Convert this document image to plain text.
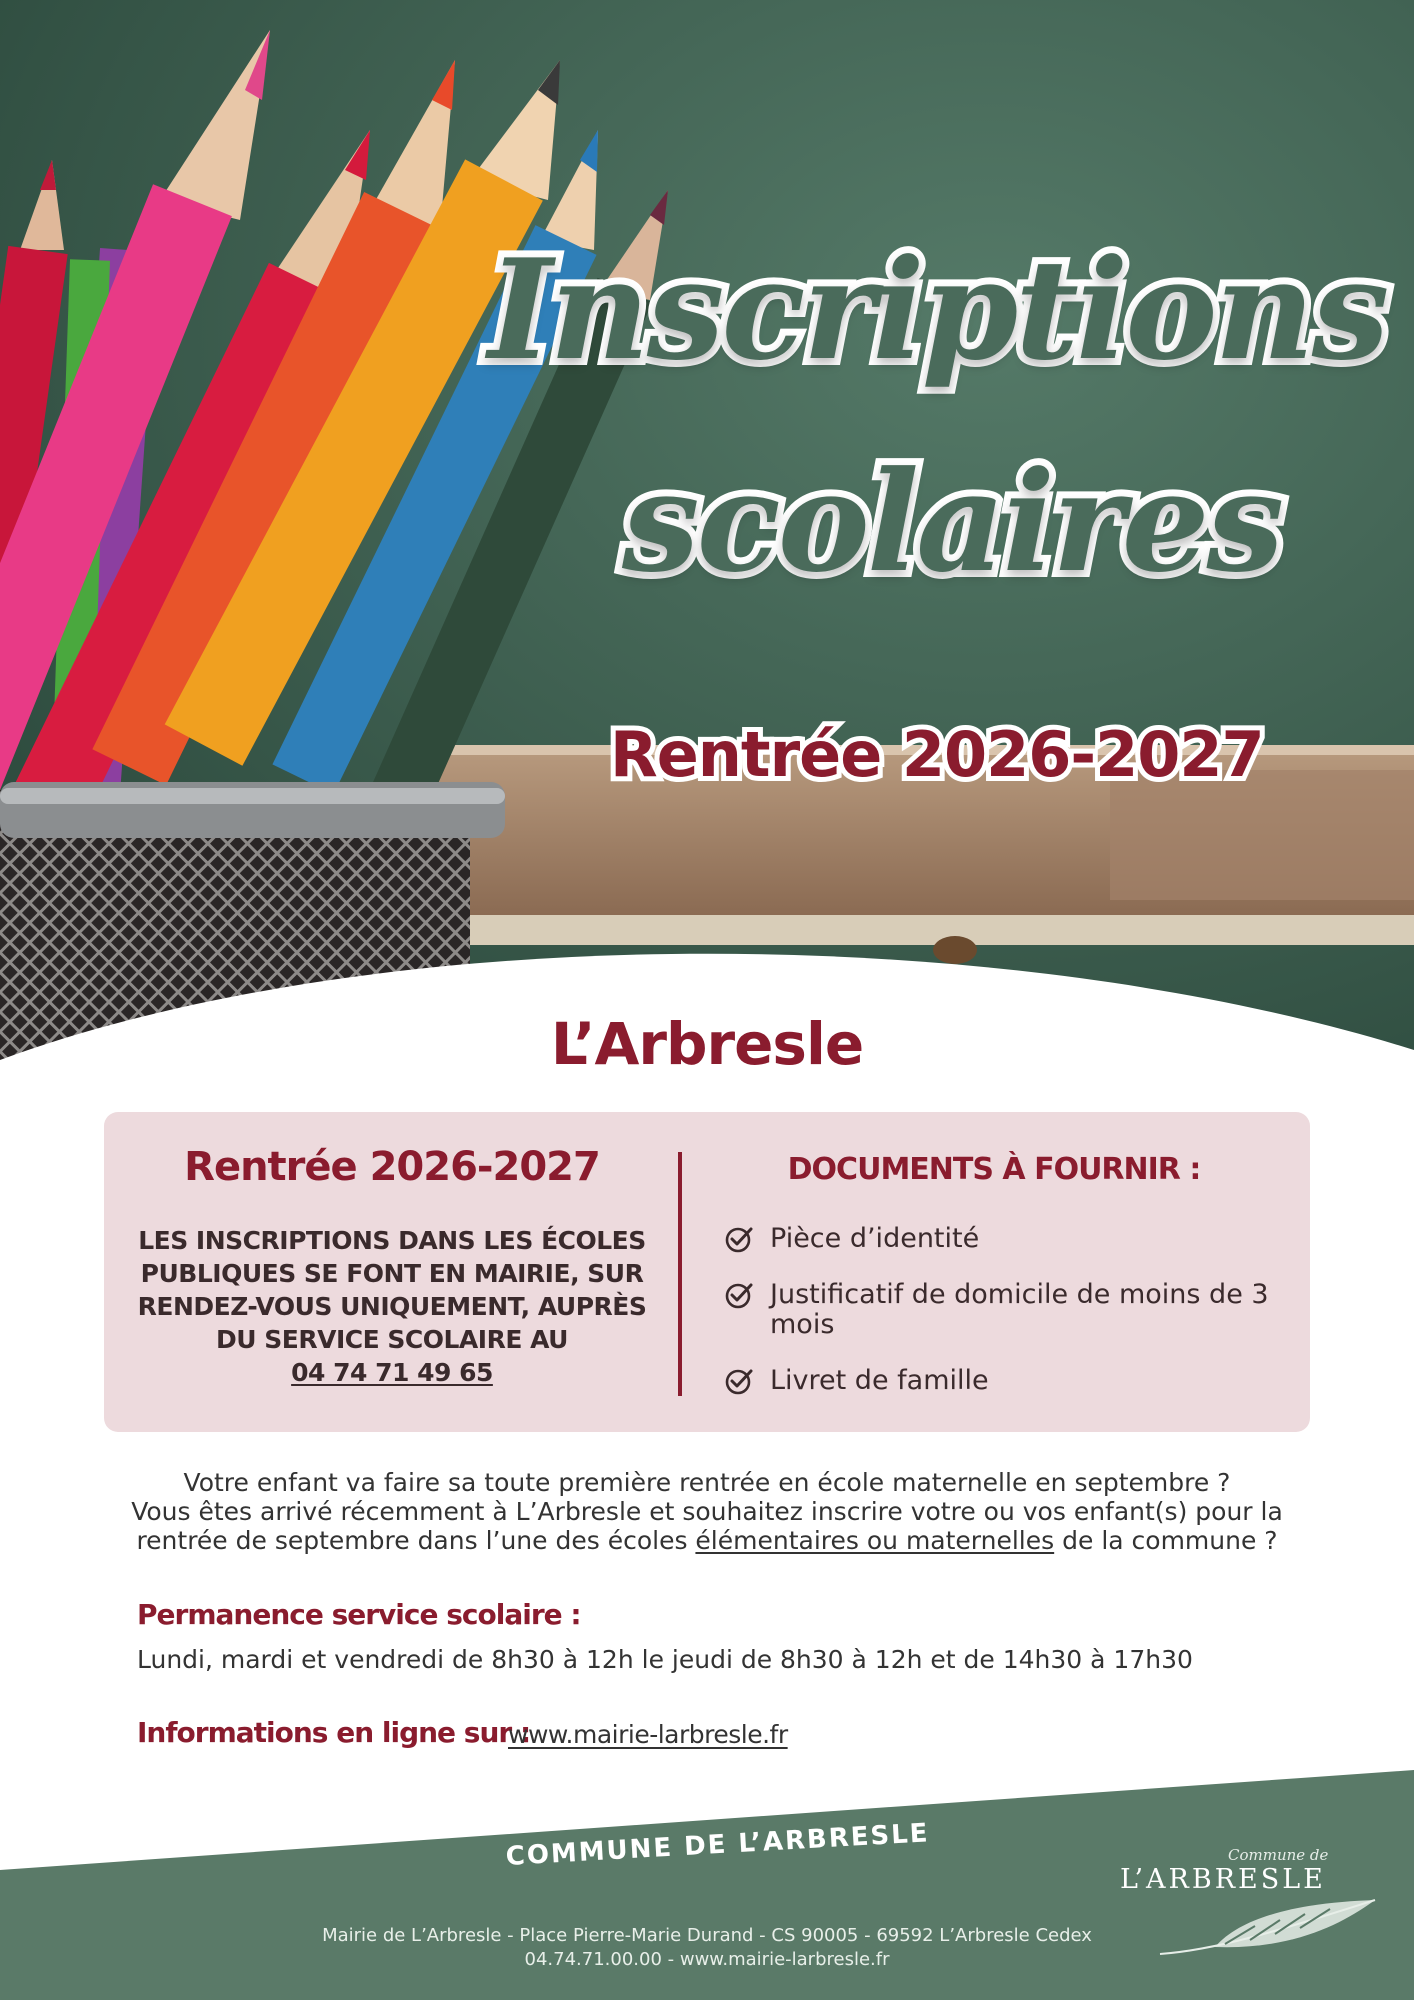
Inscriptions

scolaires

Rentrée 2026-2027

L’Arbresle
Rentrée 2026-2027
LES INSCRIPTIONS DANS LES ÉCOLES PUBLIQUES SE FONT EN MAIRIE, SUR RENDEZ-VOUS UNIQUEMENT, AUPRÈS DU SERVICE SCOLAIRE AU
04 74 71 49 65
DOCUMENTS À FOURNIR :
Pièce d’identité
Justificatif de domicile de moins de 3 mois
Livret de famille

Votre enfant va faire sa toute première rentrée en école maternelle en septembre ?
Vous êtes arrivé récemment à L’Arbresle et souhaitez inscrire votre ou vos enfant(s) pour la
rentrée de septembre dans l’une des écoles élémentaires ou maternelles de la commune ?

Permanence service scolaire :

Lundi, mardi et vendredi de 8h30 à 12h le jeudi de 8h30 à 12h et de 14h30 à 17h30

Informations en ligne sur :
www.mairie-larbresle.fr

COMMUNE DE L’ARBRESLE

Mairie de L’Arbresle - Place Pierre-Marie Durand - CS 90005 - 69592 L’Arbresle Cedex
04.74.71.00.00 - www.mairie-larbresle.fr

Commune de
L’ARBRESLE
